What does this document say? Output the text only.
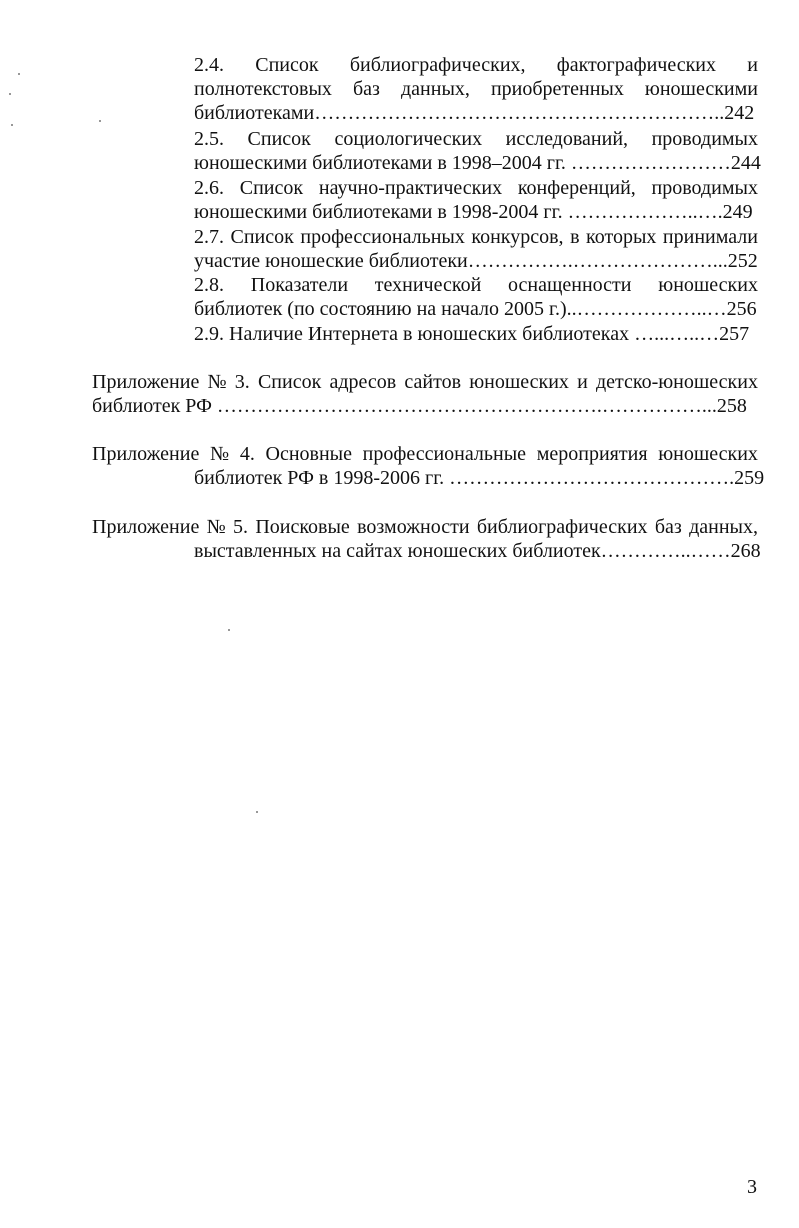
2.4. Список библиографических, фактографических и
полнотекстовых баз данных, приобретенных юношескими
библиотеками……………………………………………………..242
2.5. Список социологических исследований, проводимых
юношескими библиотеками в 1998–2004 гг. ……………………244
2.6. Список научно-практических конференций, проводимых
юношескими библиотеками в 1998-2004 гг. ………………..….249
2.7. Список профессиональных конкурсов, в которых принимали
участие юношеские библиотеки…………….…………………...252
2.8. Показатели технической оснащенности юношеских
библиотек (по состоянию на начало 2005 г.)..………………..…256
2.9. Наличие Интернета в юношеских библиотеках …...…..…257
Приложение № 3. Список адресов сайтов юношеских и детско-юношеских
библиотек РФ ………………………………………………….……………...258
Приложение № 4. Основные профессиональные мероприятия юношеских
библиотек РФ в 1998-2006 гг. …………………………………….259
Приложение № 5. Поисковые возможности библиографических баз данных,
выставленных на сайтах юношеских библиотек…………..……268
3
